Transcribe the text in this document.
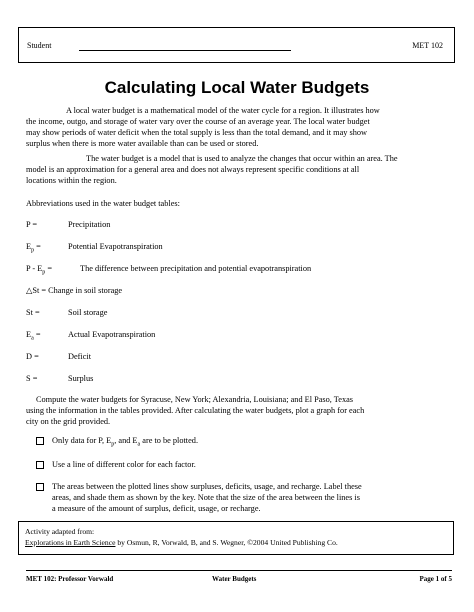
Student	MET 102
Calculating Local Water Budgets
A local water budget is a mathematical model of the water cycle for a region. It illustrates how
the income, outgo, and storage of water vary over the course of an average year. The local water budget
may show periods of water deficit when the total supply is less than the total demand, and it may show
surplus when there is more water available than can be used or stored.
The water budget is a model that is used to analyze the changes that occur within an area. The
model is an approximation for a general area and does not always represent specific conditions at all
locations within the region.
Abbreviations used in the water budget tables:
P =	Precipitation
$E_p$ =	Potential Evapotranspiration
P - $E_p$ =	The difference between precipitation and potential evapotranspiration
△St = Change in soil storage
St =	Soil storage
$E_a$ =	Actual Evapotranspiration
D =	Deficit
S =	Surplus
Compute the water budgets for Syracuse, New York; Alexandria, Louisiana; and El Paso, Texas
using the information in the tables provided. After calculating the water budgets, plot a graph for each
city on the grid provided.
Only data for P, $E_p$, and $E_a$ are to be plotted.
Use a line of different color for each factor.
The areas between the plotted lines show surpluses, deficits, usage, and recharge. Label these
areas, and shade them as shown by the key. Note that the size of the area between the lines is
a measure of the amount of surplus, deficit, usage, or recharge.
Activity adapted from:
Explorations in Earth Science by Osmun, R, Vorwald, B, and S. Wegner, ©2004 United Publishing Co.
MET 102: Professor Vorwald	Water Budgets	Page 1 of 5
